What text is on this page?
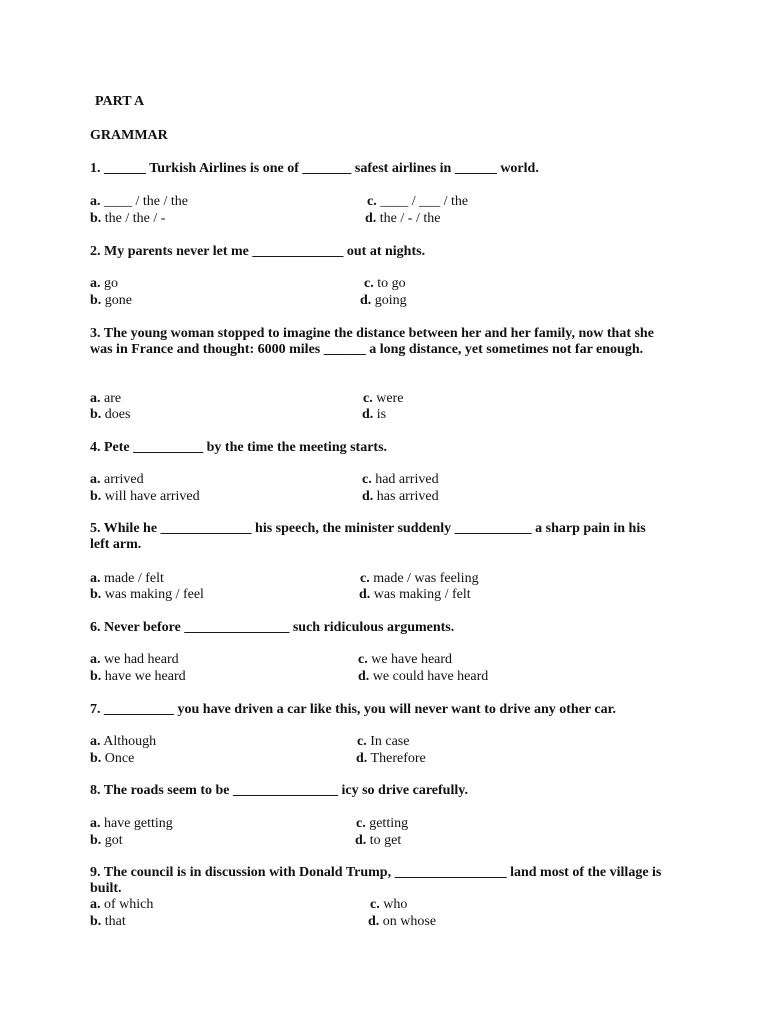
PART A
GRAMMAR
1. ______ Turkish Airlines is one of _______ safest airlines in ______ world.
a. ____ / the / the
b. the / the / -
c. ____ / ___ / the
d. the / - / the
2. My parents never let me _____________ out at nights.
a. go
b. gone
c. to go
d. going
3. The young woman stopped to imagine the distance between her and her family, now that she was in France and thought: 6000 miles ______ a long distance, yet sometimes not far enough.
a. are
b. does
c. were
d. is
4. Pete __________ by the time the meeting starts.
a. arrived
b. will have arrived
c. had arrived
d. has arrived
5. While he _____________ his speech, the minister suddenly ___________ a sharp pain in his left arm.
a. made / felt
b. was making / feel
c. made / was feeling
d. was making / felt
6. Never before _______________ such ridiculous arguments.
a. we had heard
b. have we heard
c. we have heard
d. we could have heard
7. __________ you have driven a car like this, you will never want to drive any other car.
a. Although
b. Once
c. In case
d. Therefore
8. The roads seem to be _______________ icy so drive carefully.
a. have getting
b. got
c. getting
d. to get
9. The council is in discussion with Donald Trump, ________________ land most of the village is built.
a. of which
b. that
c. who
d. on whose
